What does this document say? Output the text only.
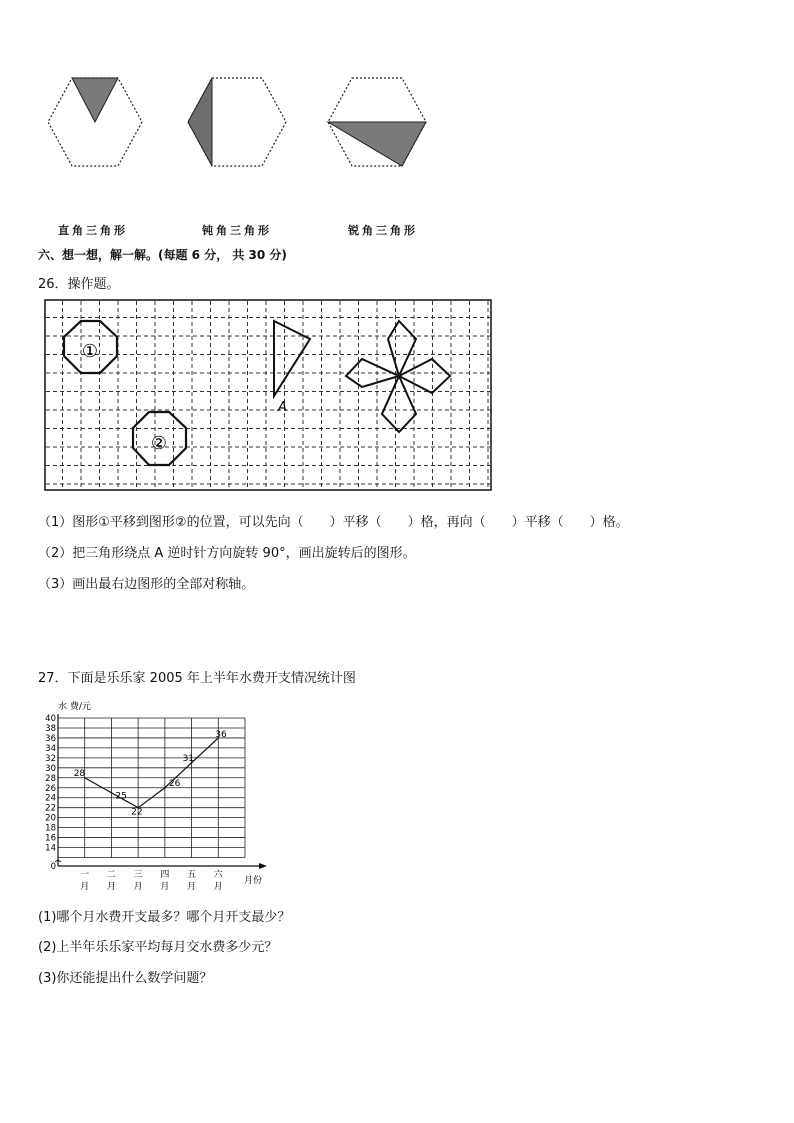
直角三角形	钝角三角形	锐角三角形
六、想一想，解一解。(每题 6 分， 共 30 分)
26．操作题。
①
②
A
（1）图形①平移到图形②的位置，可以先向（　　）平移（　　）格，再向（　　）平移（　　）格。
（2）把三角形绕点 A 逆时针方向旋转 90°，画出旋转后的图形。
（3）画出最右边图形的全部对称轴。
27．下面是乐乐家 2005 年上半年水费开支情况统计图
水 费/元
月份
0
14
16
18
20
22
24
26
28
30
32
34
36
38
40
一
月
二
月
三
月
四
月
五
月
六
月
28
25
22
26
31
36
(1)哪个月水费开支最多？哪个月开支最少？
(2)上半年乐乐家平均每月交水费多少元？
(3)你还能提出什么数学问题？
